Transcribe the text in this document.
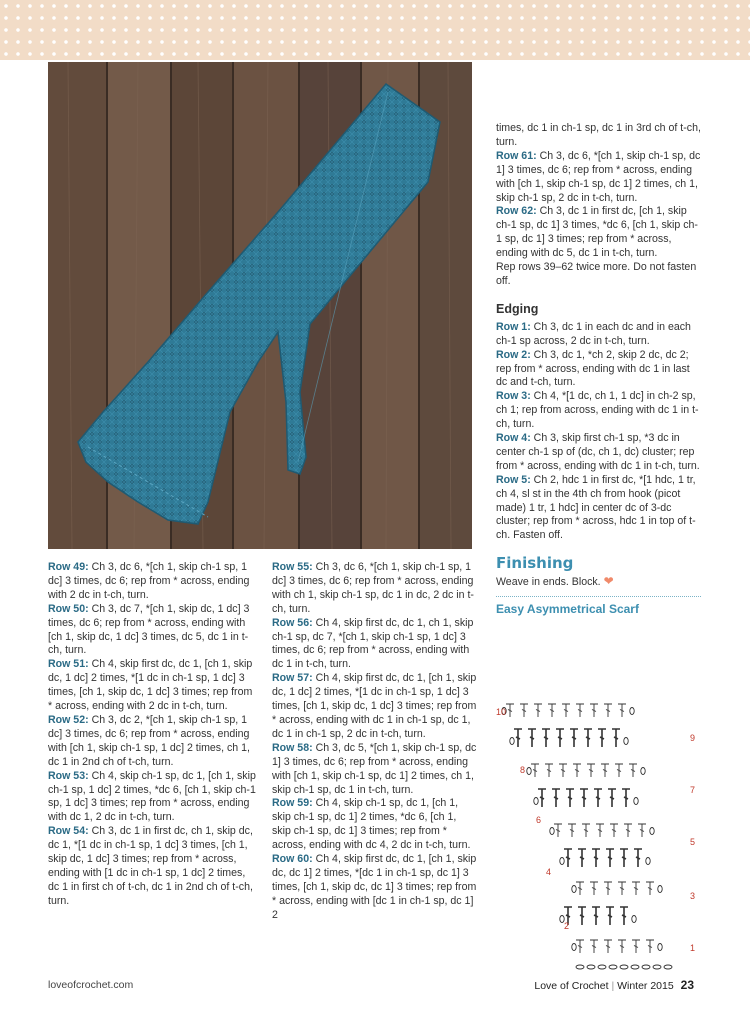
Row 49: Ch 3, dc 6, *[ch 1, skip ch-1 sp, 1 dc] 3 times, dc 6; rep from * across, ending with 2 dc in t-ch, turn.

Row 50: Ch 3, dc 7, *[ch 1, skip dc, 1 dc] 3 times, dc 6; rep from * across, ending with [ch 1, skip dc, 1 dc] 3 times, dc 5, dc 1 in t-ch, turn.

Row 51: Ch 4, skip first dc, dc 1, [ch 1, skip dc, 1 dc] 2 times, *[1 dc in ch-1 sp, 1 dc] 3 times, [ch 1, skip dc, 1 dc] 3 times; rep from * across, ending with 2 dc in t-ch, turn.

Row 52: Ch 3, dc 2, *[ch 1, skip ch-1 sp, 1 dc] 3 times, dc 6; rep from * across, ending with [ch 1, skip ch-1 sp, 1 dc] 2 times, ch 1, dc 1 in 2nd ch of t-ch, turn.

Row 53: Ch 4, skip ch-1 sp, dc 1, [ch 1, skip ch-1 sp, 1 dc] 2 times, *dc 6, [ch 1, skip ch-1 sp, 1 dc] 3 times; rep from * across, ending with dc 1, 2 dc in t-ch, turn.

Row 54: Ch 3, dc 1 in first dc, ch 1, skip dc, dc 1, *[1 dc in ch-1 sp, 1 dc] 3 times, [ch 1, skip dc, 1 dc] 3 times; rep from * across, ending with [1 dc in ch-1 sp, 1 dc] 2 times, dc 1 in first ch of t-ch, dc 1 in 2nd ch of t-ch, turn.

Row 55: Ch 3, dc 6, *[ch 1, skip ch-1 sp, 1 dc] 3 times, dc 6; rep from * across, ending with ch 1, skip ch-1 sp, dc 1 in dc, 2 dc in t-ch, turn.

Row 56: Ch 4, skip first dc, dc 1, ch 1, skip ch-1 sp, dc 7, *[ch 1, skip ch-1 sp, 1 dc] 3 times, dc 6; rep from * across, ending with dc 1 in t-ch, turn.

Row 57: Ch 4, skip first dc, dc 1, [ch 1, skip dc, 1 dc] 2 times, *[1 dc in ch-1 sp, 1 dc] 3 times, [ch 1, skip dc, 1 dc] 3 times; rep from * across, ending with dc 1 in ch-1 sp, dc 1, dc 1 in ch-1 sp, 2 dc in t-ch, turn.

Row 58: Ch 3, dc 5, *[ch 1, skip ch-1 sp, dc 1] 3 times, dc 6; rep from * across, ending with [ch 1, skip ch-1 sp, dc 1] 2 times, ch 1, skip ch-1 sp, dc 1 in t-ch, turn.

Row 59: Ch 4, skip ch-1 sp, dc 1, [ch 1, skip ch-1 sp, dc 1] 2 times, *dc 6, [ch 1, skip ch-1 sp, dc 1] 3 times; rep from * across, ending with dc 4, 2 dc in t-ch, turn.

Row 60: Ch 4, skip first dc, dc 1, [ch 1, skip dc, dc 1] 2 times, *[dc 1 in ch-1 sp, dc 1] 3 times, [ch 1, skip dc, dc 1] 3 times; rep from * across, ending with [dc 1 in ch-1 sp, dc 1] 2

times, dc 1 in ch-1 sp, dc 1 in 3rd ch of t-ch, turn.

Row 61: Ch 3, dc 6, *[ch 1, skip ch-1 sp, dc 1] 3 times, dc 6; rep from * across, ending with [ch 1, skip ch-1 sp, dc 1] 2 times, ch 1, skip ch-1 sp, 2 dc in t-ch, turn.

Row 62: Ch 3, dc 1 in first dc, [ch 1, skip ch-1 sp, dc 1] 3 times, *dc 6, [ch 1, skip ch-1 sp, dc 1] 3 times; rep from * across, ending with dc 5, dc 1 in t-ch, turn.

Rep rows 39–62 twice more. Do not fasten off.

Edging

Row 1: Ch 3, dc 1 in each dc and in each ch-1 sp across, 2 dc in t-ch, turn.

Row 2: Ch 3, dc 1, *ch 2, skip 2 dc, dc 2; rep from * across, ending with dc 1 in last dc and t-ch, turn.

Row 3: Ch 4, *[1 dc, ch 1, 1 dc] in ch-2 sp, ch 1; rep from across, ending with dc 1 in t-ch, turn.

Row 4: Ch 3, skip first ch-1 sp, *3 dc in center ch-1 sp of (dc, ch 1, dc) cluster; rep from * across, ending with dc 1 in t-ch, turn.

Row 5: Ch 2, hdc 1 in first dc, *[1 hdc, 1 tr, ch 4, sl st in the 4th ch from hook (picot made) 1 tr, 1 hdc] in center dc of 3-dc cluster; rep from * across, hdc 1 in top of t-ch. Fasten off.

Finishing

Weave in ends. Block. ❤

Easy Asymmetrical Scarf

10
8
6
4
2
9
7
5
3
1
loveofcrochet.com	Love of Crochet | Winter 2015 23
